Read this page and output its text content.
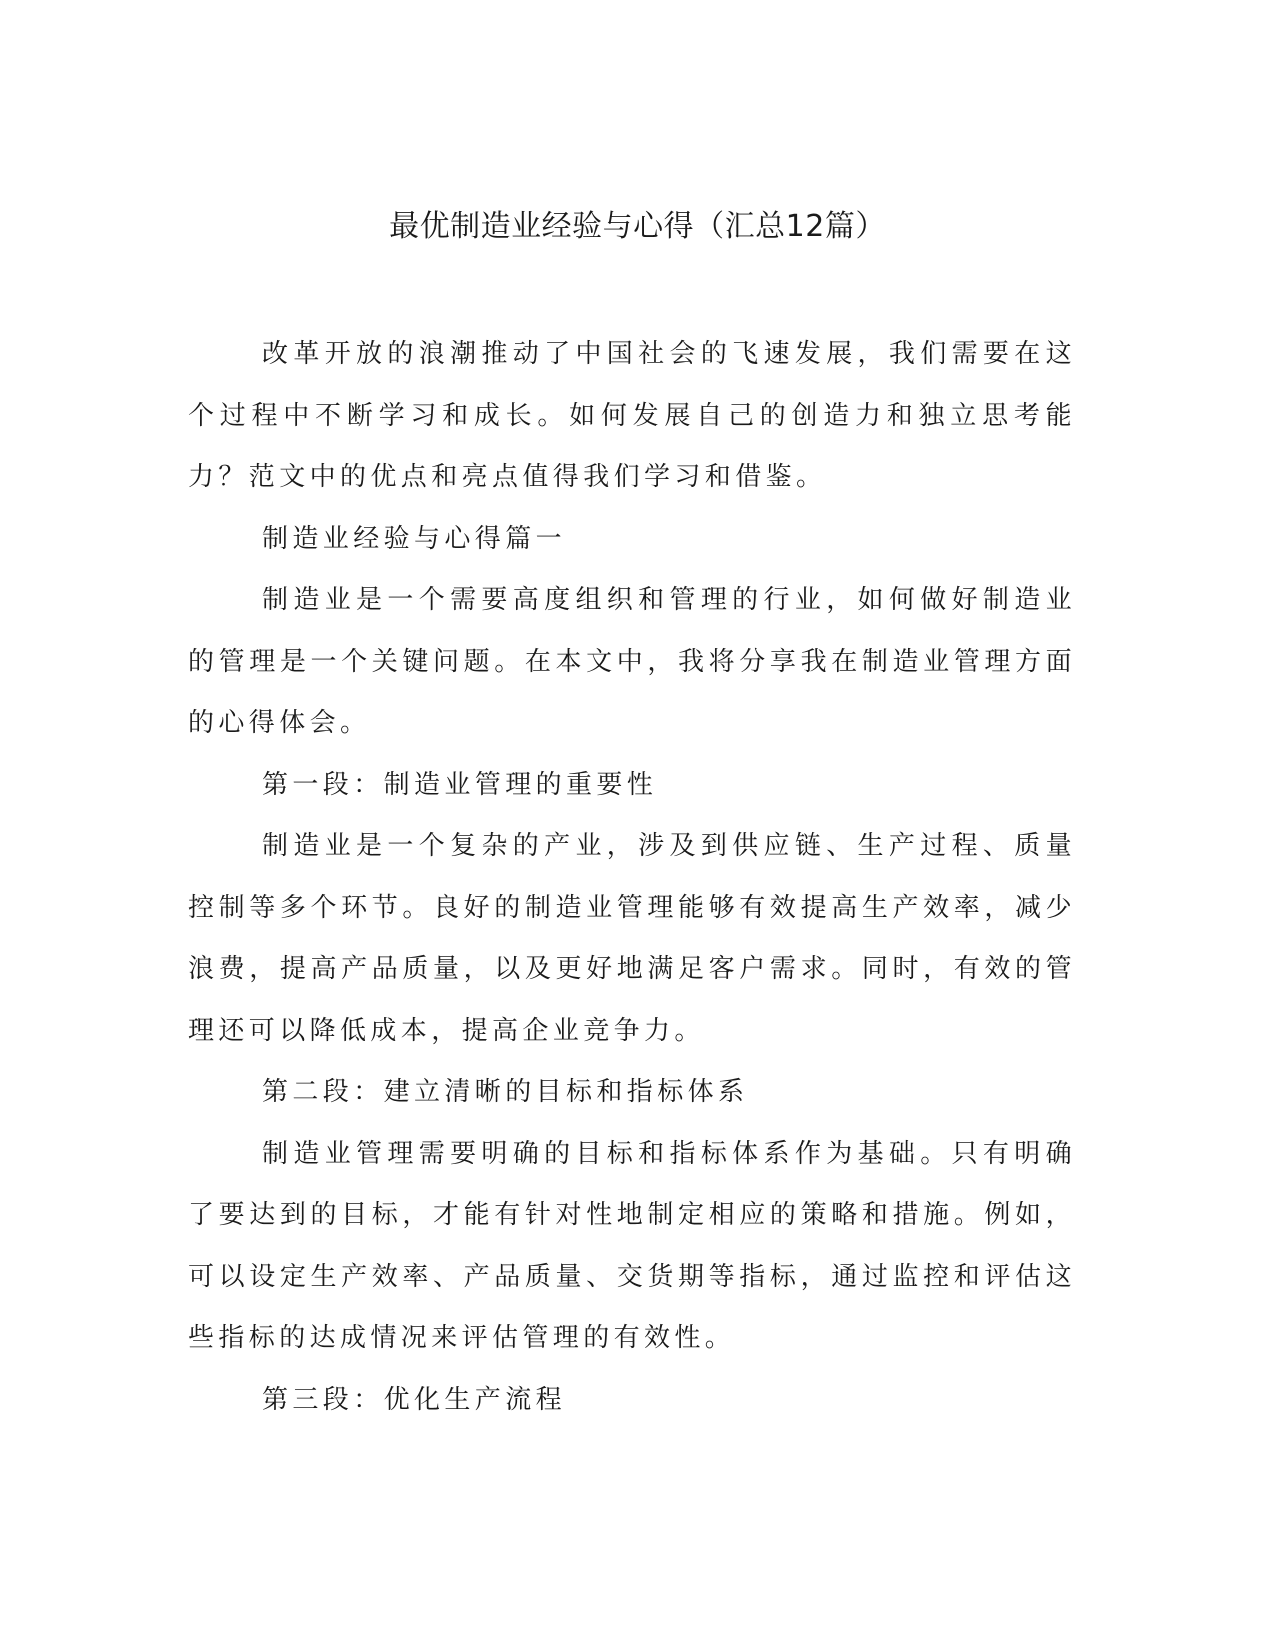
最优制造业经验与心得（汇总12篇）

改革开放的浪潮推动了中国社会的飞速发展，我们需要在这个过程中不断学习和成长。如何发展自己的创造力和独立思考能力？范文中的优点和亮点值得我们学习和借鉴。

制造业经验与心得篇一

制造业是一个需要高度组织和管理的行业，如何做好制造业的管理是一个关键问题。在本文中，我将分享我在制造业管理方面的心得体会。

第一段：制造业管理的重要性

制造业是一个复杂的产业，涉及到供应链、生产过程、质量控制等多个环节。良好的制造业管理能够有效提高生产效率，减少浪费，提高产品质量，以及更好地满足客户需求。同时，有效的管理还可以降低成本，提高企业竞争力。

第二段：建立清晰的目标和指标体系

制造业管理需要明确的目标和指标体系作为基础。只有明确了要达到的目标，才能有针对性地制定相应的策略和措施。例如，可以设定生产效率、产品质量、交货期等指标，通过监控和评估这些指标的达成情况来评估管理的有效性。

第三段：优化生产流程
